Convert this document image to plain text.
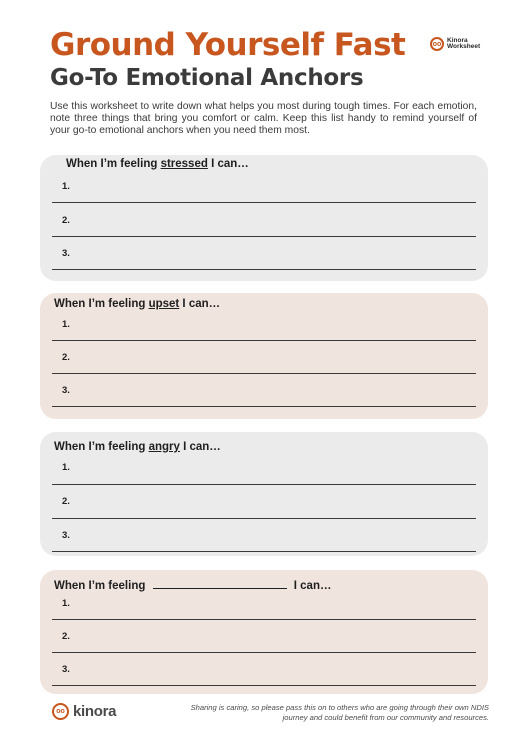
Ground Yourself Fast
Go-To Emotional Anchors
oo
Kinora
Worksheet

Use this worksheet to write down what helps you most during tough times. For each emotion, note three things that bring you comfort or calm. Keep this list handy to remind yourself of your go-to emotional anchors when you need them most.

When I’m feeling stressed I can…
1.
2.
3.
When I’m feeling upset I can…
1.
2.
3.
When I’m feeling angry I can…
1.
2.
3.
When I’m feeling	I can…
1.
2.
3.
oo kinora	Sharing is caring, so please pass this on to others who are going through their own NDIS journey and could benefit from our community and resources.
